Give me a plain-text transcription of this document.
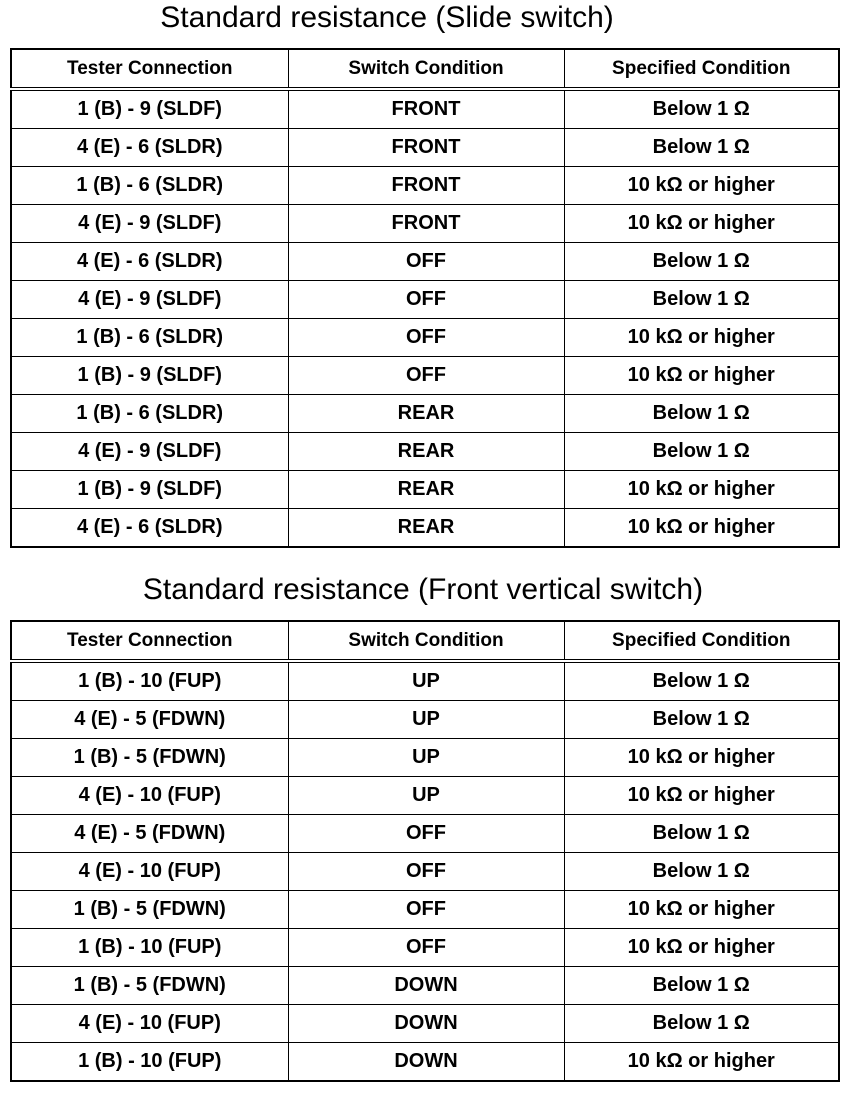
Standard resistance (Slide switch)
Tester Connection	Switch Condition	Specified Condition
1 (B) - 9 (SLDF)	FRONT	Below 1 Ω
4 (E) - 6 (SLDR)	FRONT	Below 1 Ω
1 (B) - 6 (SLDR)	FRONT	10 kΩ or higher
4 (E) - 9 (SLDF)	FRONT	10 kΩ or higher
4 (E) - 6 (SLDR)	OFF	Below 1 Ω
4 (E) - 9 (SLDF)	OFF	Below 1 Ω
1 (B) - 6 (SLDR)	OFF	10 kΩ or higher
1 (B) - 9 (SLDF)	OFF	10 kΩ or higher
1 (B) - 6 (SLDR)	REAR	Below 1 Ω
4 (E) - 9 (SLDF)	REAR	Below 1 Ω
1 (B) - 9 (SLDF)	REAR	10 kΩ or higher
4 (E) - 6 (SLDR)	REAR	10 kΩ or higher
Standard resistance (Front vertical switch)
Tester Connection	Switch Condition	Specified Condition
1 (B) - 10 (FUP)	UP	Below 1 Ω
4 (E) - 5 (FDWN)	UP	Below 1 Ω
1 (B) - 5 (FDWN)	UP	10 kΩ or higher
4 (E) - 10 (FUP)	UP	10 kΩ or higher
4 (E) - 5 (FDWN)	OFF	Below 1 Ω
4 (E) - 10 (FUP)	OFF	Below 1 Ω
1 (B) - 5 (FDWN)	OFF	10 kΩ or higher
1 (B) - 10 (FUP)	OFF	10 kΩ or higher
1 (B) - 5 (FDWN)	DOWN	Below 1 Ω
4 (E) - 10 (FUP)	DOWN	Below 1 Ω
1 (B) - 10 (FUP)	DOWN	10 kΩ or higher
